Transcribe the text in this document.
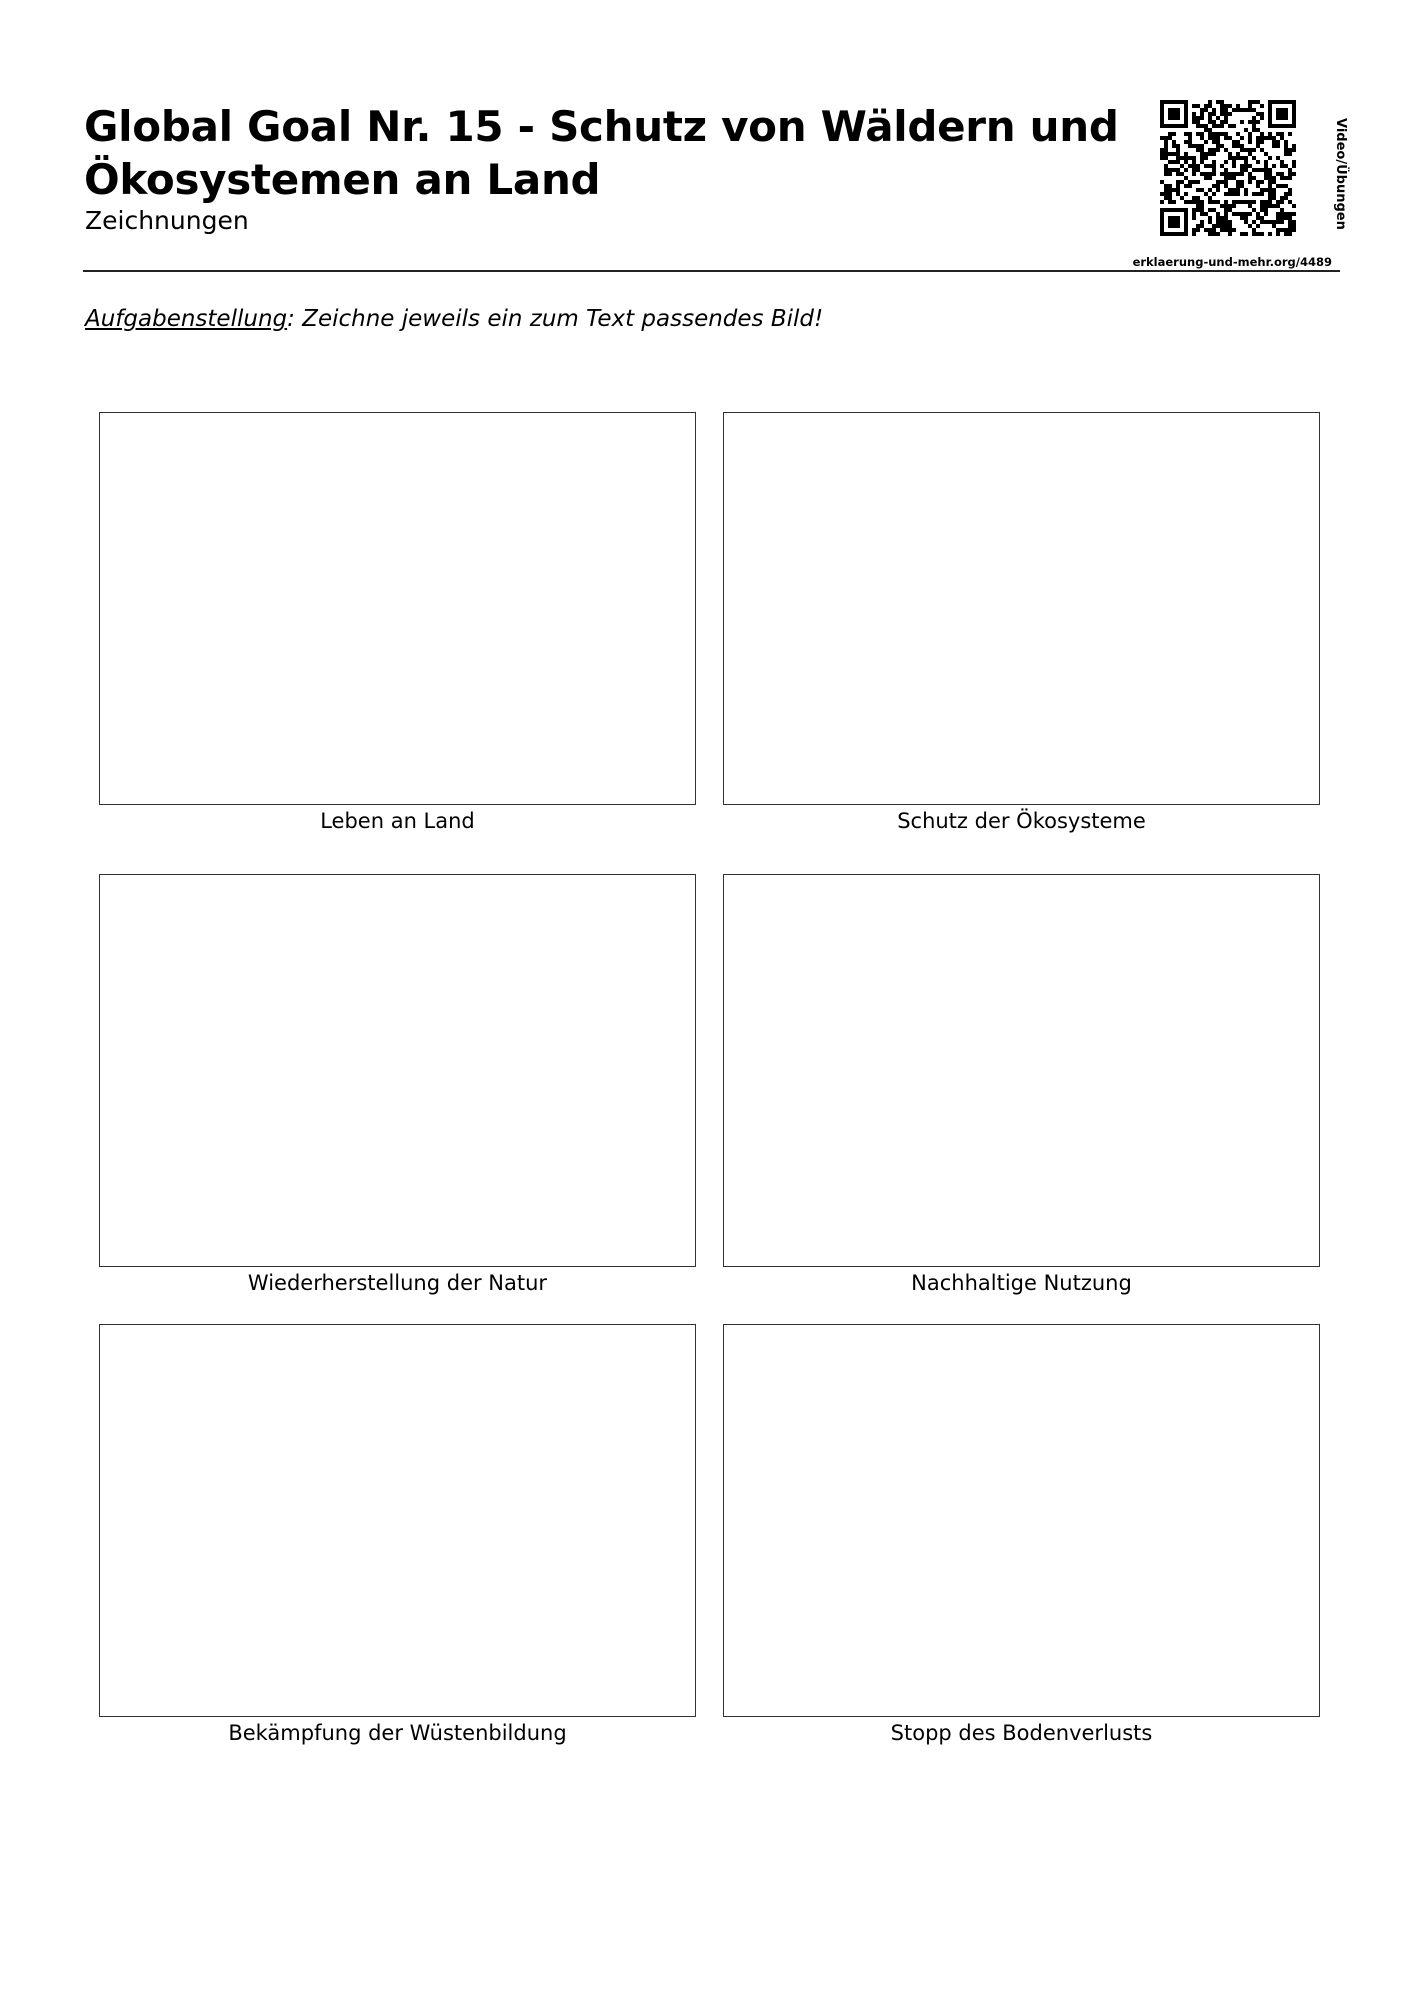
Global Goal Nr. 15 - Schutz von Wäldern und
Ökosystemen an Land
Zeichnungen	Video/Übungen
erklaerung-und-mehr.org/4489
Aufgabenstellung: Zeichne jeweils ein zum Text passendes Bild!
Leben an Land	Schutz der Ökosysteme
Wiederherstellung der Natur	Nachhaltige Nutzung
Bekämpfung der Wüstenbildung	Stopp des Bodenverlusts
